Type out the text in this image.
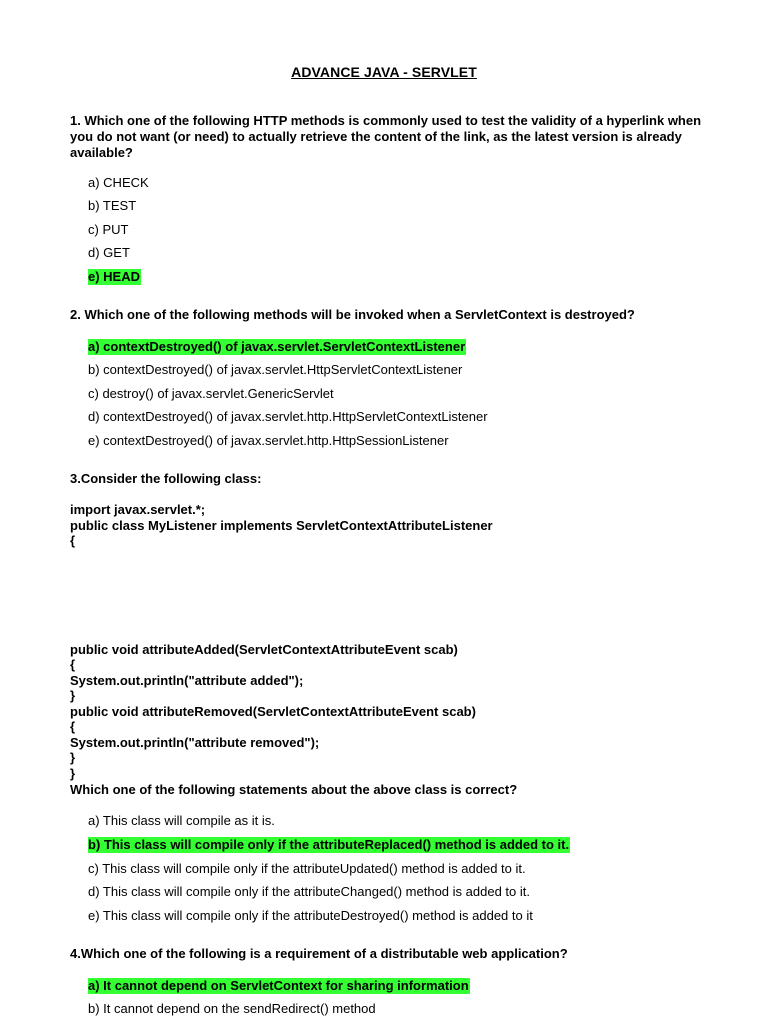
ADVANCE JAVA - SERVLET
1. Which one of the following HTTP methods is commonly used to test the validity of a hyperlink when you do not want (or need) to actually retrieve the content of the link, as the latest version is already available?
a) CHECK
b) TEST
c) PUT
d) GET
e) HEAD
2. Which one of the following methods will be invoked when a ServletContext is destroyed?
a) contextDestroyed() of javax.servlet.ServletContextListener
b) contextDestroyed() of javax.servlet.HttpServletContextListener
c) destroy() of javax.servlet.GenericServlet
d) contextDestroyed() of javax.servlet.http.HttpServletContextListener
e) contextDestroyed() of javax.servlet.http.HttpSessionListener
3.Consider the following class:
import javax.servlet.*;
public class MyListener implements ServletContextAttributeListener
{
public void attributeAdded(ServletContextAttributeEvent scab)
{
System.out.println("attribute added");
}
public void attributeRemoved(ServletContextAttributeEvent scab)
{
System.out.println("attribute removed");
}
}
Which one of the following statements about the above class is correct?
a) This class will compile as it is.
b) This class will compile only if the attributeReplaced() method is added to it.
c) This class will compile only if the attributeUpdated() method is added to it.
d) This class will compile only if the attributeChanged() method is added to it.
e) This class will compile only if the attributeDestroyed() method is added to it
4.Which one of the following is a requirement of a distributable web application?
a) It cannot depend on ServletContext for sharing information
b) It cannot depend on the sendRedirect() method
